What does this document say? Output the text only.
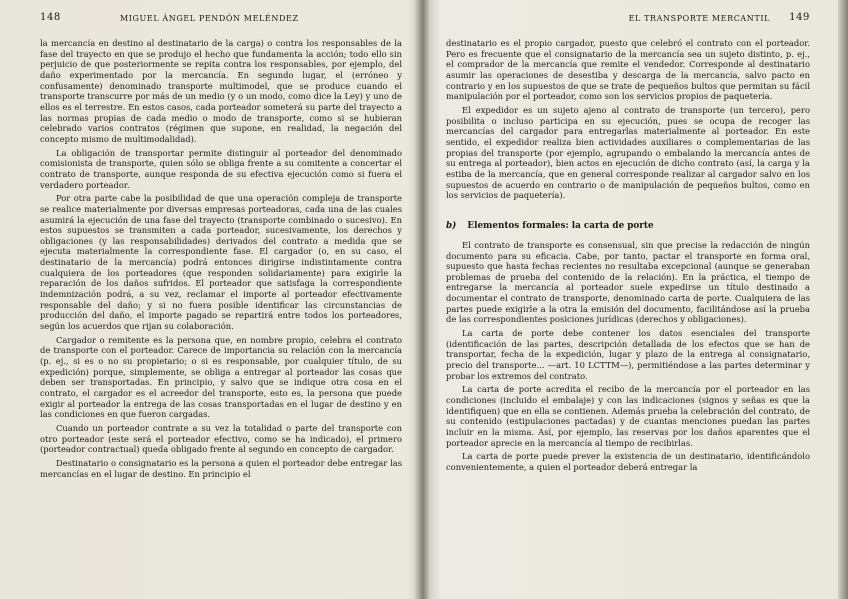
148	MIGUEL ÁNGEL PENDÓN MELÉNDEZ

la mercancía en destino al destinatario de la carga) o contra los responsables de la fase del trayecto en que se produjo el hecho que fundamenta la acción; todo ello sin perjuicio de que posteriormente se repita contra los responsables, por ejemplo, del daño experimentado por la mercancía. En segundo lugar, el (erróneo y confusamente) denominado transporte multimodel, que se produce cuando el transporte transcurre por más de un medio (y o un modo, como dice la Ley) y uno de ellos es el terrestre. En estos casos, cada porteador someterá su parte del trayecto a las normas propias de cada medio o modo de transporte, como si se hubieran celebrado varios contratos (régimen que supone, en realidad, la negación del concepto mismo de multimodalidad).

La obligación de transportar permite distinguir al porteador del denominado comisionista de transporte, quien sólo se obliga frente a su comitente a concertar el contrato de transporte, aunque responda de su efectiva ejecución como si fuera el verdadero porteador.

Por otra parte cabe la posibilidad de que una operación compleja de transporte se realice materialmente por diversas empresas porteadoras, cada una de las cuales asumirá la ejecución de una fase del trayecto (transporte combinado o sucesivo). En estos supuestos se transmiten a cada porteador, sucesivamente, los derechos y obligaciones (y las responsabilidades) derivados del contrato a medida que se ejecuta materialmente la correspondiente fase. El cargador (o, en su caso, el destinatario de la mercancía) podrá entonces dirigirse indistintamente contra cualquiera de los porteadores (que responden solidariamente) para exigirle la reparación de los daños sufridos. El porteador que satisfaga la correspondiente indemnización podrá, a su vez, reclamar el importe al porteador efectivamente responsable del daño; y si no fuera posible identificar las circunstancias de producción del daño, el importe pagado se repartirá entre todos los porteadores, según los acuerdos que rijan su colaboración.

Cargador o remitente es la persona que, en nombre propio, celebra el contrato de transporte con el porteador. Carece de importancia su relación con la mercancía (p. ej., si es o no su propietario; o si es responsable, por cualquier título, de su expedición) porque, simplemente, se obliga a entregar al porteador las cosas que deben ser transportadas. En principio, y salvo que se indique otra cosa en el contrato, el cargador es el acreedor del transporte, esto es, la persona que puede exigir al porteador la entrega de las cosas transportadas en el lugar de destino y en las condiciones en que fueron cargadas.

Cuando un porteador contrate a su vez la totalidad o parte del transporte con otro porteador (este será el porteador efectivo, como se ha indicado), el primero (porteador contractual) queda obligado frente al segundo en concepto de cargador.

Destinatario o consignatario es la persona a quien el porteador debe entregar las mercancías en el lugar de destino. En principio el

EL TRANSPORTE MERCANTIL 149

destinatario es el propio cargador, puesto que celebró el contrato con el porteador. Pero es frecuente que el consignatario de la mercancía sea un sujeto distinto, p. ej., el comprador de la mercancía que remite el vendedor. Corresponde al destinatario asumir las operaciones de desestiba y descarga de la mercancía, salvo pacto en contrario y en los supuestos de que se trate de pequeños bultos que permitan su fácil manipulación por el porteador, como son los servicios propios de paquetería.

El expedidor es un sujeto ajeno al contrato de transporte (un tercero), pero posibilita o incluso participa en su ejecución, pues se ocupa de recoger las mercancías del cargador para entregarlas materialmente al porteador. En este sentido, el expedidor realiza bien actividades auxiliares o complementarias de las propias del transporte (por ejemplo, agrupando o embalando la mercancía antes de su entrega al porteador), bien actos en ejecución de dicho contrato (así, la carga y la estiba de la mercancía, que en general corresponde realizar al cargador salvo en los supuestos de acuerdo en contrario o de manipulación de pequeños bultos, como en los servicios de paquetería).

b) Elementos formales: la carta de porte

El contrato de transporte es consensual, sin que precise la redacción de ningún documento para su eficacia. Cabe, por tanto, pactar el transporte en forma oral, supuesto que hasta fechas recientes no resultaba excepcional (aunque se generaban problemas de prueba del contenido de la relación). En la práctica, el tiempo de entregarse la mercancía al porteador suele expedirse un título destinado a documentar el contrato de transporte, denominado carta de porte. Cualquiera de las partes puede exigirle a la otra la emisión del documento, facilitándose así la prueba de las correspondientes posiciones jurídicas (derechos y obligaciones).

La carta de porte debe contener los datos esenciales del transporte (identificación de las partes, descripción detallada de los efectos que se han de transportar, fecha de la expedición, lugar y plazo de la entrega al consignatario, precio del transporte... —art. 10 LCTTM—), permitiéndose a las partes determinar y probar los extremos del contrato.

La carta de porte acredita el recibo de la mercancía por el porteador en las condiciones (incluido el embalaje) y con las indicaciones (signos y señas es que la identifiquen) que en ella se contienen. Además prueba la celebración del contrato, de su contenido (estipulaciones pactadas) y de cuantas menciones puedan las partes incluir en la misma. Así, por ejemplo, las reservas por los daños aparentes que el porteador aprecie en la mercancía al tiempo de recibirlas.

La carta de porte puede prever la existencia de un destinatario, identificándolo convenientemente, a quien el porteador deberá entregar la
